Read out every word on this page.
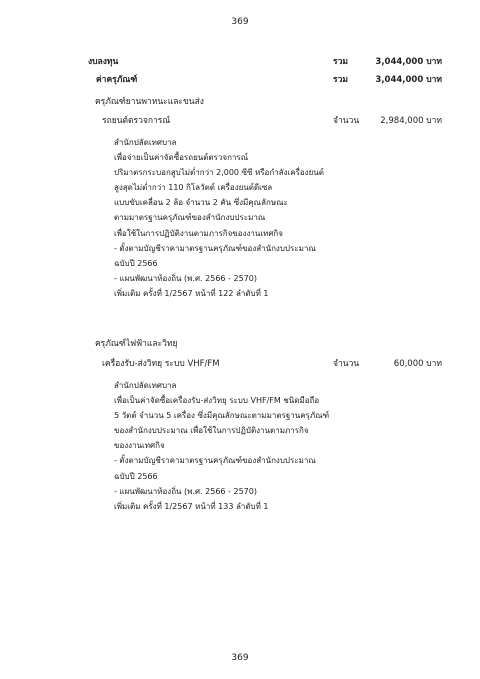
369
งบลงทุน	รวม	3,044,000 บาท
ค่าครุภัณฑ์	รวม	3,044,000 บาท
ครุภัณฑ์ยานพาหนะและขนส่ง
รถยนต์ตรวจการณ์	จำนวน 2,984,000 บาท
สำนักปลัดเทศบาล
เพื่อจ่ายเป็นค่าจัดซื้อรถยนต์ตรวจการณ์
ปริมาตรกระบอกสูบไม่ต่ำกว่า 2,000 ซีซี หรือกำลังเครื่องยนต์
สูงสุดไม่ต่ำกว่า 110 กิโลวัตต์ เครื่องยนต์ดีเซล
แบบขับเคลื่อน 2 ล้อ จำนวน 2 คัน ซึ่งมีคุณลักษณะ
ตามมาตรฐานครุภัณฑ์ของสำนักงบประมาณ
เพื่อใช้ในการปฏิบัติงานตามภารกิจของงานเทศกิจ
- ตั้งตามบัญชีราคามาตรฐานครุภัณฑ์ของสำนักงบประมาณ
ฉบับปี 2566
- แผนพัฒนาท้องถิ่น (พ.ศ. 2566 - 2570)
เพิ่มเติม ครั้งที่ 1/2567 หน้าที่ 122 ลำดับที่ 1
ครุภัณฑ์ไฟฟ้าและวิทยุ
เครื่องรับ-ส่งวิทยุ ระบบ VHF/FM	จำนวน	60,000 บาท
สำนักปลัดเทศบาล
เพื่อเป็นค่าจัดซื้อเครื่องรับ-ส่งวิทยุ ระบบ VHF/FM ชนิดมือถือ
5 วัตต์ จำนวน 5 เครื่อง ซึ่งมีคุณลักษณะตามมาตรฐานครุภัณฑ์
ของสำนักงบประมาณ เพื่อใช้ในการปฏิบัติงานตามภารกิจ
ของงานเทศกิจ
- ตั้งตามบัญชีราคามาตรฐานครุภัณฑ์ของสำนักงบประมาณ
ฉบับปี 2566
- แผนพัฒนาท้องถิ่น (พ.ศ. 2566 - 2570)
เพิ่มเติม ครั้งที่ 1/2567 หน้าที่ 133 ลำดับที่ 1
369
